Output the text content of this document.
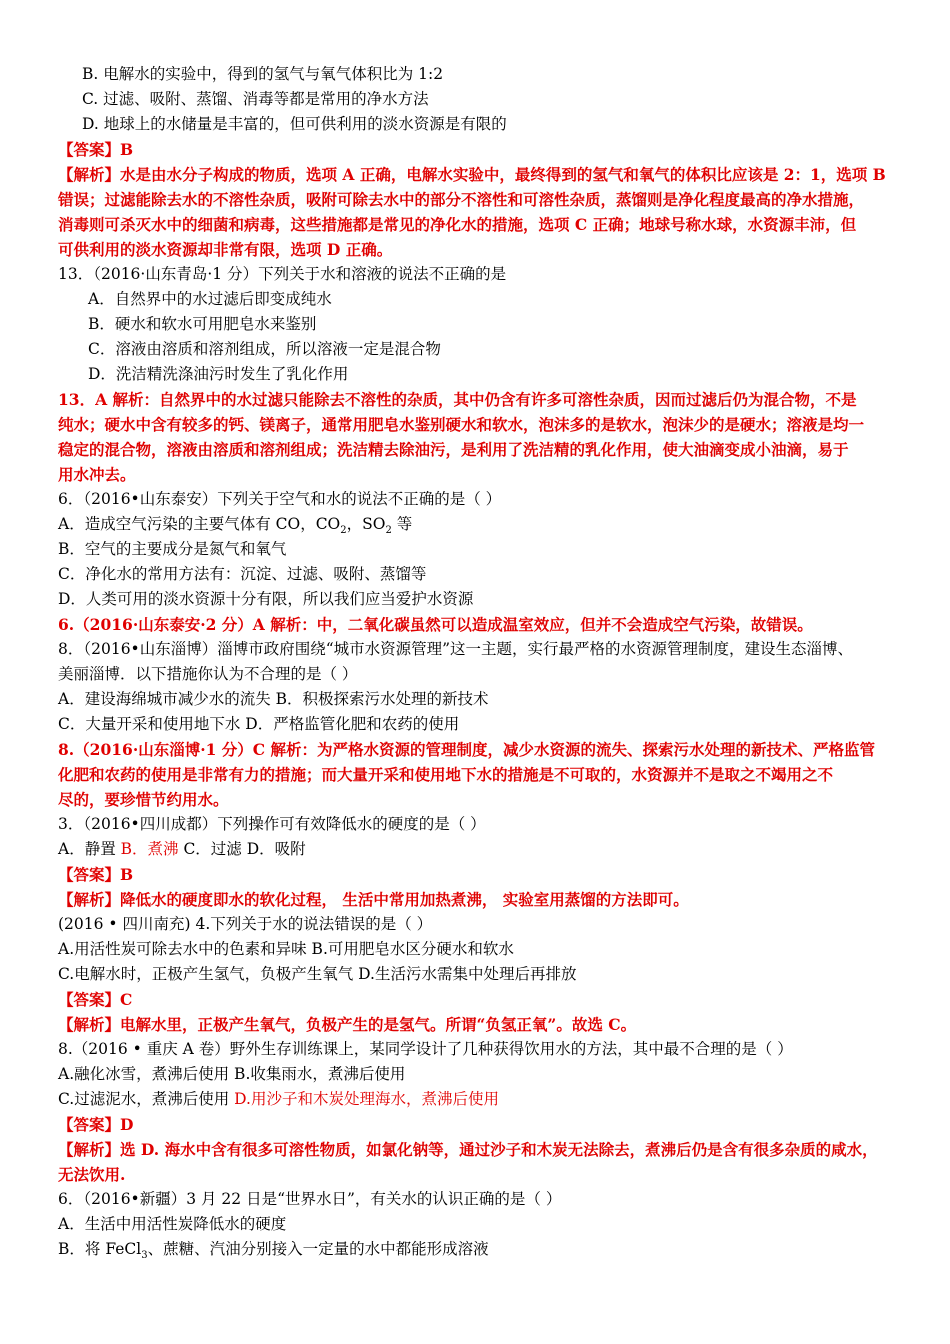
B. 电解水的实验中，得到的氢气与氧气体积比为 1:2
C. 过滤、吸附、蒸馏、消毒等都是常用的净水方法
D. 地球上的水储量是丰富的，但可供利用的淡水资源是有限的
【答案】B
【解析】水是由水分子构成的物质，选项 A 正确，电解水实验中，最终得到的氢气和氧气的体积比应该是 2：1，选项 B
错误；过滤能除去水的不溶性杂质，吸附可除去水中的部分不溶性和可溶性杂质，蒸馏则是净化程度最高的净水措施，
消毒则可杀灭水中的细菌和病毒，这些措施都是常见的净化水的措施，选项 C 正确；地球号称水球，水资源丰沛，但
可供利用的淡水资源却非常有限，选项 D 正确。
13．（2016·山东青岛·1 分）下列关于水和溶液的说法不正确的是
A．自然界中的水过滤后即变成纯水
B．硬水和软水可用肥皂水来鉴别
C．溶液由溶质和溶剂组成，所以溶液一定是混合物
D．洗洁精洗涤油污时发生了乳化作用
13．A 解析：自然界中的水过滤只能除去不溶性的杂质，其中仍含有许多可溶性杂质，因而过滤后仍为混合物，不是
纯水；硬水中含有较多的钙、镁离子，通常用肥皂水鉴别硬水和软水，泡沫多的是软水，泡沫少的是硬水；溶液是均一
稳定的混合物，溶液由溶质和溶剂组成；洗洁精去除油污，是利用了洗洁精的乳化作用，使大油滴变成小油滴，易于
用水冲去。
6．（2016•山东泰安）下列关于空气和水的说法不正确的是（ ）
A．造成空气污染的主要气体有 CO，$CO_2$，$SO_2$ 等
B．空气的主要成分是氮气和氧气
C．净化水的常用方法有：沉淀、过滤、吸附、蒸馏等
D．人类可用的淡水资源十分有限，所以我们应当爱护水资源
6.（2016·山东泰安·2 分）A 解析：中，二氧化碳虽然可以造成温室效应，但并不会造成空气污染，故错误。
8．（2016•山东淄博）淄博市政府围绕“城市水资源管理”这一主题，实行最严格的水资源管理制度，建设生态淄博、
美丽淄博．以下措施你认为不合理的是（ ）
A．建设海绵城市减少水的流失 B．积极探索污水处理的新技术
C．大量开采和使用地下水 D．严格监管化肥和农药的使用
8.（2016·山东淄博·1 分）C 解析：为严格水资源的管理制度，减少水资源的流失、探索污水处理的新技术、严格监管
化肥和农药的使用是非常有力的措施；而大量开采和使用地下水的措施是不可取的，水资源并不是取之不竭用之不
尽的，要珍惜节约用水。
3．（2016•四川成都）下列操作可有效降低水的硬度的是（ ）
A．静置 B．煮沸 C．过滤 D．吸附
【答案】B
【解析】降低水的硬度即水的软化过程， 生活中常用加热煮沸， 实验室用蒸馏的方法即可。
(2016 • 四川南充) 4.下列关于水的说法错误的是（ ）
A.用活性炭可除去水中的色素和异味 B.可用肥皂水区分硬水和软水
C.电解水时，正极产生氢气，负极产生氧气 D.生活污水需集中处理后再排放
【答案】C
【解析】电解水里，正极产生氧气，负极产生的是氢气。所谓“负氢正氧”。故选 C。
8.（2016 • 重庆 A 卷）野外生存训练课上，某同学设计了几种获得饮用水的方法，其中最不合理的是（ ）
A.融化冰雪，煮沸后使用 B.收集雨水，煮沸后使用
C.过滤泥水，煮沸后使用 D.用沙子和木炭处理海水，煮沸后使用
【答案】D
【解析】选 D. 海水中含有很多可溶性物质，如氯化钠等，通过沙子和木炭无法除去，煮沸后仍是含有很多杂质的咸水，
无法饮用.
6．（2016•新疆）3 月 22 日是“世界水日”，有关水的认识正确的是（ ）
A．生活中用活性炭降低水的硬度
B．将 FeCl$_3$、蔗糖、汽油分别接入一定量的水中都能形成溶液
